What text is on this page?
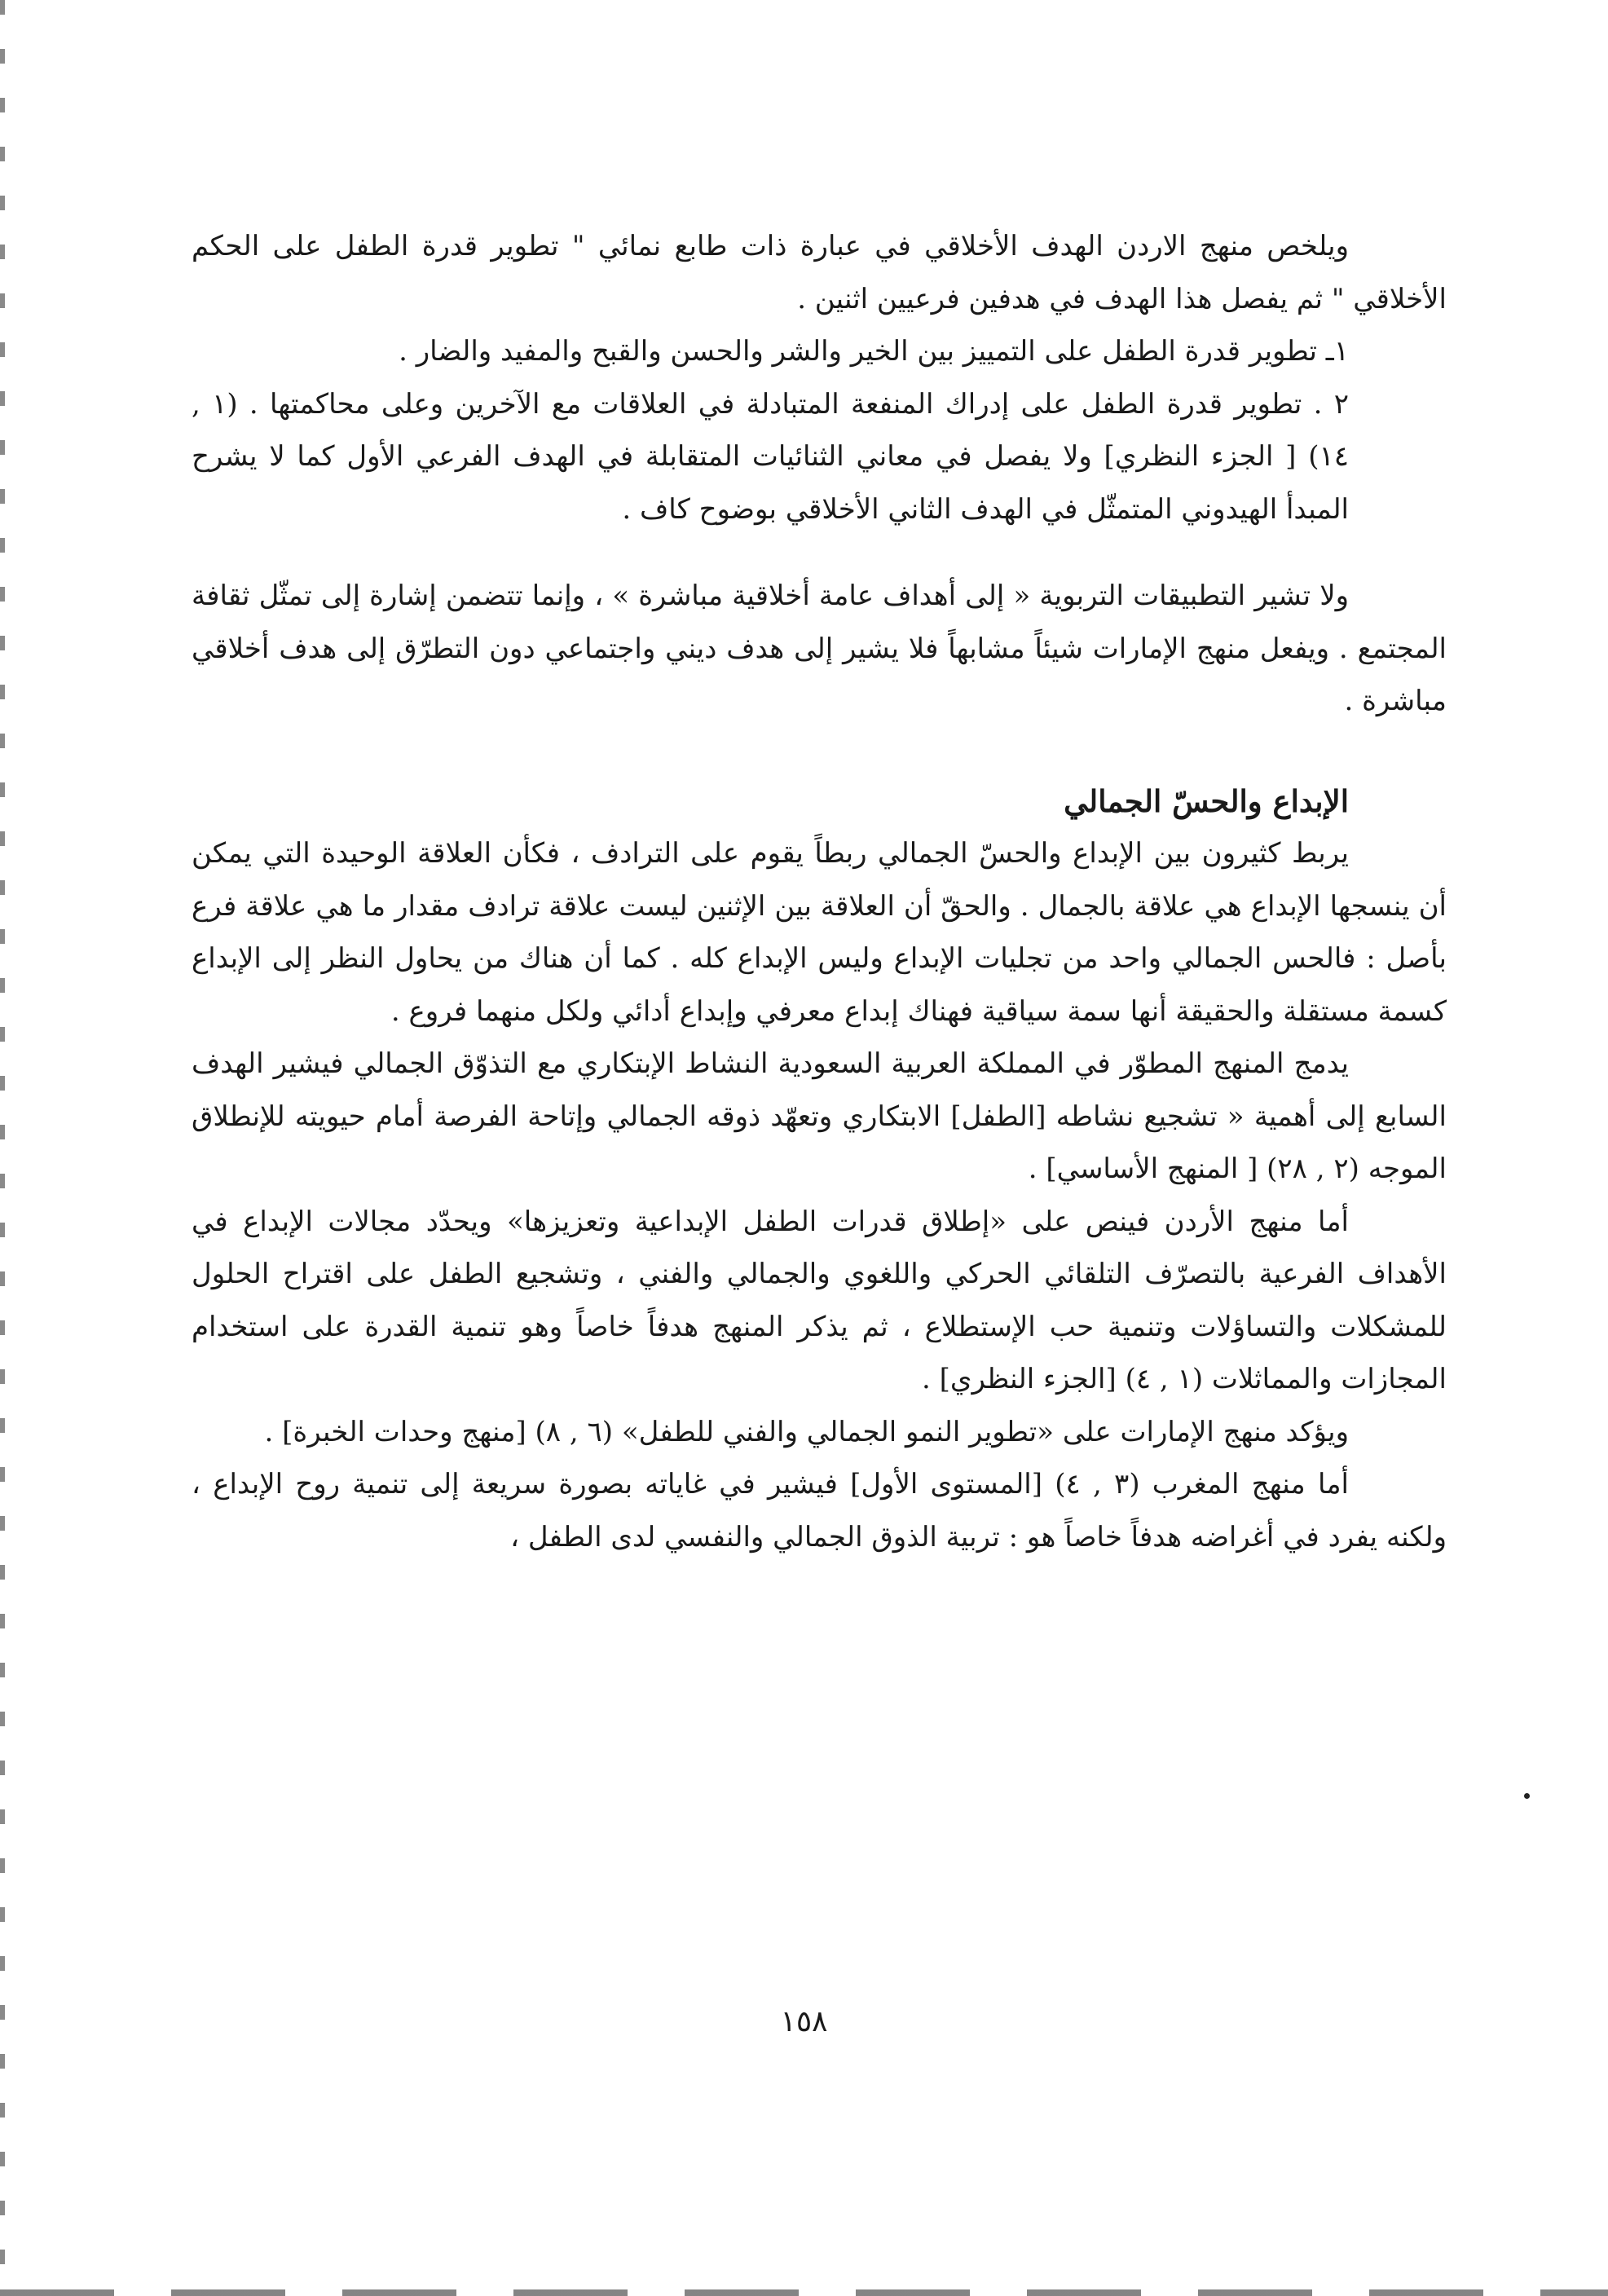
ويلخص منهج الاردن الهدف الأخلاقي في عبارة ذات طابع نمائي " تطوير قدرة الطفل على الحكم الأخلاقي " ثم يفصل هذا الهدف في هدفين فرعيين اثنين .

١ـ تطوير قدرة الطفل على التمييز بين الخير والشر والحسن والقبح والمفيد والضار .

٢ . تطوير قدرة الطفل على إدراك المنفعة المتبادلة في العلاقات مع الآخرين وعلى محاكمتها . (١ , ١٤) [ الجزء النظري] ولا يفصل في معاني الثنائيات المتقابلة في الهدف الفرعي الأول كما لا يشرح المبدأ الهيدوني المتمثّل في الهدف الثاني الأخلاقي بوضوح كاف .

ولا تشير التطبيقات التربوية « إلى أهداف عامة أخلاقية مباشرة » ، وإنما تتضمن إشارة إلى تمثّل ثقافة المجتمع . ويفعل منهج الإمارات شيئاً مشابهاً فلا يشير إلى هدف ديني واجتماعي دون التطرّق إلى هدف أخلاقي مباشرة .

الإبداع والحسّ الجمالي

يربط كثيرون بين الإبداع والحسّ الجمالي ربطاً يقوم على الترادف ، فكأن العلاقة الوحيدة التي يمكن أن ينسجها الإبداع هي علاقة بالجمال . والحقّ أن العلاقة بين الإثنين ليست علاقة ترادف مقدار ما هي علاقة فرع بأصل : فالحس الجمالي واحد من تجليات الإبداع وليس الإبداع كله . كما أن هناك من يحاول النظر إلى الإبداع كسمة مستقلة والحقيقة أنها سمة سياقية فهناك إبداع معرفي وإبداع أدائي ولكل منهما فروع .

يدمج المنهج المطوّر في المملكة العربية السعودية النشاط الإبتكاري مع التذوّق الجمالي فيشير الهدف السابع إلى أهمية « تشجيع نشاطه [الطفل] الابتكاري وتعهّد ذوقه الجمالي وإتاحة الفرصة أمام حيويته للإنطلاق الموجه (٢ , ٢٨) [ المنهج الأساسي] .

أما منهج الأردن فينص على «إطلاق قدرات الطفل الإبداعية وتعزيزها» ويحدّد مجالات الإبداع في الأهداف الفرعية بالتصرّف التلقائي الحركي واللغوي والجمالي والفني ، وتشجيع الطفل على اقتراح الحلول للمشكلات والتساؤلات وتنمية حب الإستطلاع ، ثم يذكر المنهج هدفاً خاصاً وهو تنمية القدرة على استخدام المجازات والمماثلات (١ , ٤) [الجزء النظري] .

ويؤكد منهج الإمارات على «تطوير النمو الجمالي والفني للطفل» (٦ , ٨) [منهج وحدات الخبرة] .

أما منهج المغرب (٣ , ٤) [المستوى الأول] فيشير في غاياته بصورة سريعة إلى تنمية روح الإبداع ، ولكنه يفرد في أغراضه هدفاً خاصاً هو : تربية الذوق الجمالي والنفسي لدى الطفل ،

١٥٨
